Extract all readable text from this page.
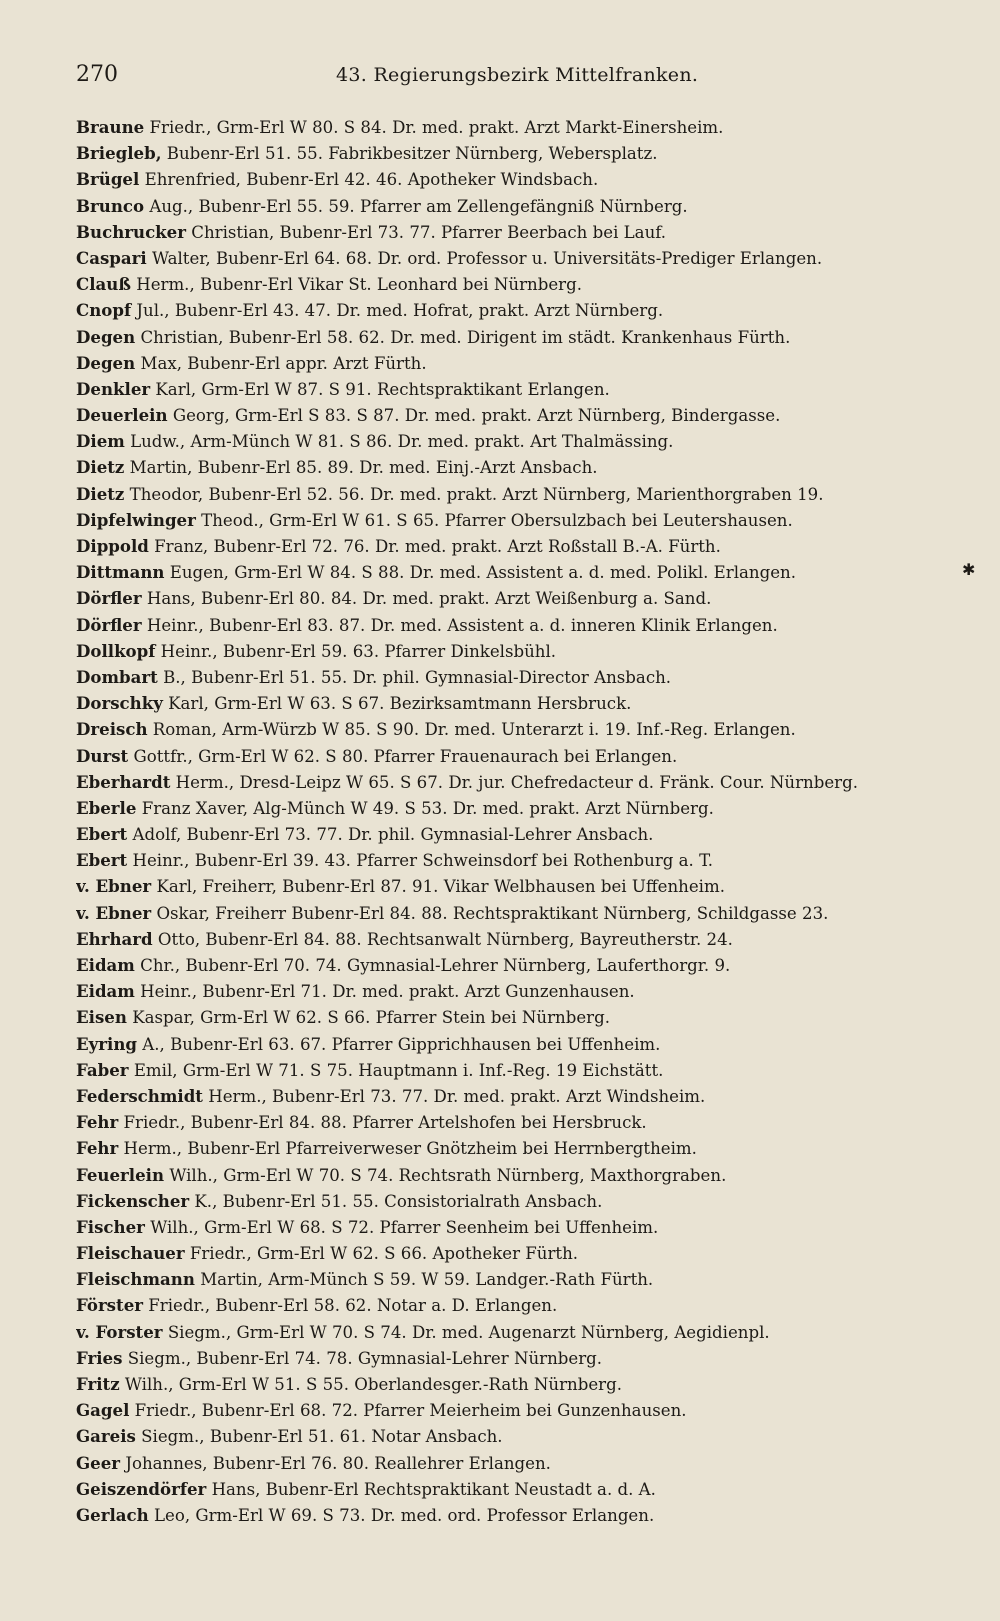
270	43. Regierungsbezirk Mittelfranken.
✱
Braune Friedr., Grm-Erl W 80. S 84. Dr. med. prakt. Arzt Markt-Einersheim.
Briegleb, Bubenr-Erl 51. 55. Fabrikbesitzer Nürnberg, Webersplatz.
Brügel Ehrenfried, Bubenr-Erl 42. 46. Apotheker Windsbach.
Brunco Aug., Bubenr-Erl 55. 59. Pfarrer am Zellengefängniß Nürnberg.
Buchrucker Christian, Bubenr-Erl 73. 77. Pfarrer Beerbach bei Lauf.
Caspari Walter, Bubenr-Erl 64. 68. Dr. ord. Professor u. Universitäts-Prediger Erlangen.
Clauß Herm., Bubenr-Erl Vikar St. Leonhard bei Nürnberg.
Cnopf Jul., Bubenr-Erl 43. 47. Dr. med. Hofrat, prakt. Arzt Nürnberg.
Degen Christian, Bubenr-Erl 58. 62. Dr. med. Dirigent im städt. Krankenhaus Fürth.
Degen Max, Bubenr-Erl appr. Arzt Fürth.
Denkler Karl, Grm-Erl W 87. S 91. Rechtspraktikant Erlangen.
Deuerlein Georg, Grm-Erl S 83. S 87. Dr. med. prakt. Arzt Nürnberg, Bindergasse.
Diem Ludw., Arm-Münch W 81. S 86. Dr. med. prakt. Art Thalmässing.
Dietz Martin, Bubenr-Erl 85. 89. Dr. med. Einj.-Arzt Ansbach.
Dietz Theodor, Bubenr-Erl 52. 56. Dr. med. prakt. Arzt Nürnberg, Marienthorgraben 19.
Dipfelwinger Theod., Grm-Erl W 61. S 65. Pfarrer Obersulzbach bei Leutershausen.
Dippold Franz, Bubenr-Erl 72. 76. Dr. med. prakt. Arzt Roßstall B.-A. Fürth.
Dittmann Eugen, Grm-Erl W 84. S 88. Dr. med. Assistent a. d. med. Polikl. Erlangen.
Dörfler Hans, Bubenr-Erl 80. 84. Dr. med. prakt. Arzt Weißenburg a. Sand.
Dörfler Heinr., Bubenr-Erl 83. 87. Dr. med. Assistent a. d. inneren Klinik Erlangen.
Dollkopf Heinr., Bubenr-Erl 59. 63. Pfarrer Dinkelsbühl.
Dombart B., Bubenr-Erl 51. 55. Dr. phil. Gymnasial-Director Ansbach.
Dorschky Karl, Grm-Erl W 63. S 67. Bezirksamtmann Hersbruck.
Dreisch Roman, Arm-Würzb W 85. S 90. Dr. med. Unterarzt i. 19. Inf.-Reg. Erlangen.
Durst Gottfr., Grm-Erl W 62. S 80. Pfarrer Frauenaurach bei Erlangen.
Eberhardt Herm., Dresd-Leipz W 65. S 67. Dr. jur. Chefredacteur d. Fränk. Cour. Nürnberg.
Eberle Franz Xaver, Alg-Münch W 49. S 53. Dr. med. prakt. Arzt Nürnberg.
Ebert Adolf, Bubenr-Erl 73. 77. Dr. phil. Gymnasial-Lehrer Ansbach.
Ebert Heinr., Bubenr-Erl 39. 43. Pfarrer Schweinsdorf bei Rothenburg a. T.
v. Ebner Karl, Freiherr, Bubenr-Erl 87. 91. Vikar Welbhausen bei Uffenheim.
v. Ebner Oskar, Freiherr Bubenr-Erl 84. 88. Rechtspraktikant Nürnberg, Schildgasse 23.
Ehrhard Otto, Bubenr-Erl 84. 88. Rechtsanwalt Nürnberg, Bayreutherstr. 24.
Eidam Chr., Bubenr-Erl 70. 74. Gymnasial-Lehrer Nürnberg, Lauferthorgr. 9.
Eidam Heinr., Bubenr-Erl 71. Dr. med. prakt. Arzt Gunzenhausen.
Eisen Kaspar, Grm-Erl W 62. S 66. Pfarrer Stein bei Nürnberg.
Eyring A., Bubenr-Erl 63. 67. Pfarrer Gipprichhausen bei Uffenheim.
Faber Emil, Grm-Erl W 71. S 75. Hauptmann i. Inf.-Reg. 19 Eichstätt.
Federschmidt Herm., Bubenr-Erl 73. 77. Dr. med. prakt. Arzt Windsheim.
Fehr Friedr., Bubenr-Erl 84. 88. Pfarrer Artelshofen bei Hersbruck.
Fehr Herm., Bubenr-Erl Pfarreiverweser Gnötzheim bei Herrnbergtheim.
Feuerlein Wilh., Grm-Erl W 70. S 74. Rechtsrath Nürnberg, Maxthorgraben.
Fickenscher K., Bubenr-Erl 51. 55. Consistorialrath Ansbach.
Fischer Wilh., Grm-Erl W 68. S 72. Pfarrer Seenheim bei Uffenheim.
Fleischauer Friedr., Grm-Erl W 62. S 66. Apotheker Fürth.
Fleischmann Martin, Arm-Münch S 59. W 59. Landger.-Rath Fürth.
Förster Friedr., Bubenr-Erl 58. 62. Notar a. D. Erlangen.
v. Forster Siegm., Grm-Erl W 70. S 74. Dr. med. Augenarzt Nürnberg, Aegidienpl.
Fries Siegm., Bubenr-Erl 74. 78. Gymnasial-Lehrer Nürnberg.
Fritz Wilh., Grm-Erl W 51. S 55. Oberlandesger.-Rath Nürnberg.
Gagel Friedr., Bubenr-Erl 68. 72. Pfarrer Meierheim bei Gunzenhausen.
Gareis Siegm., Bubenr-Erl 51. 61. Notar Ansbach.
Geer Johannes, Bubenr-Erl 76. 80. Reallehrer Erlangen.
Geiszendörfer Hans, Bubenr-Erl Rechtspraktikant Neustadt a. d. A.
Gerlach Leo, Grm-Erl W 69. S 73. Dr. med. ord. Professor Erlangen.
